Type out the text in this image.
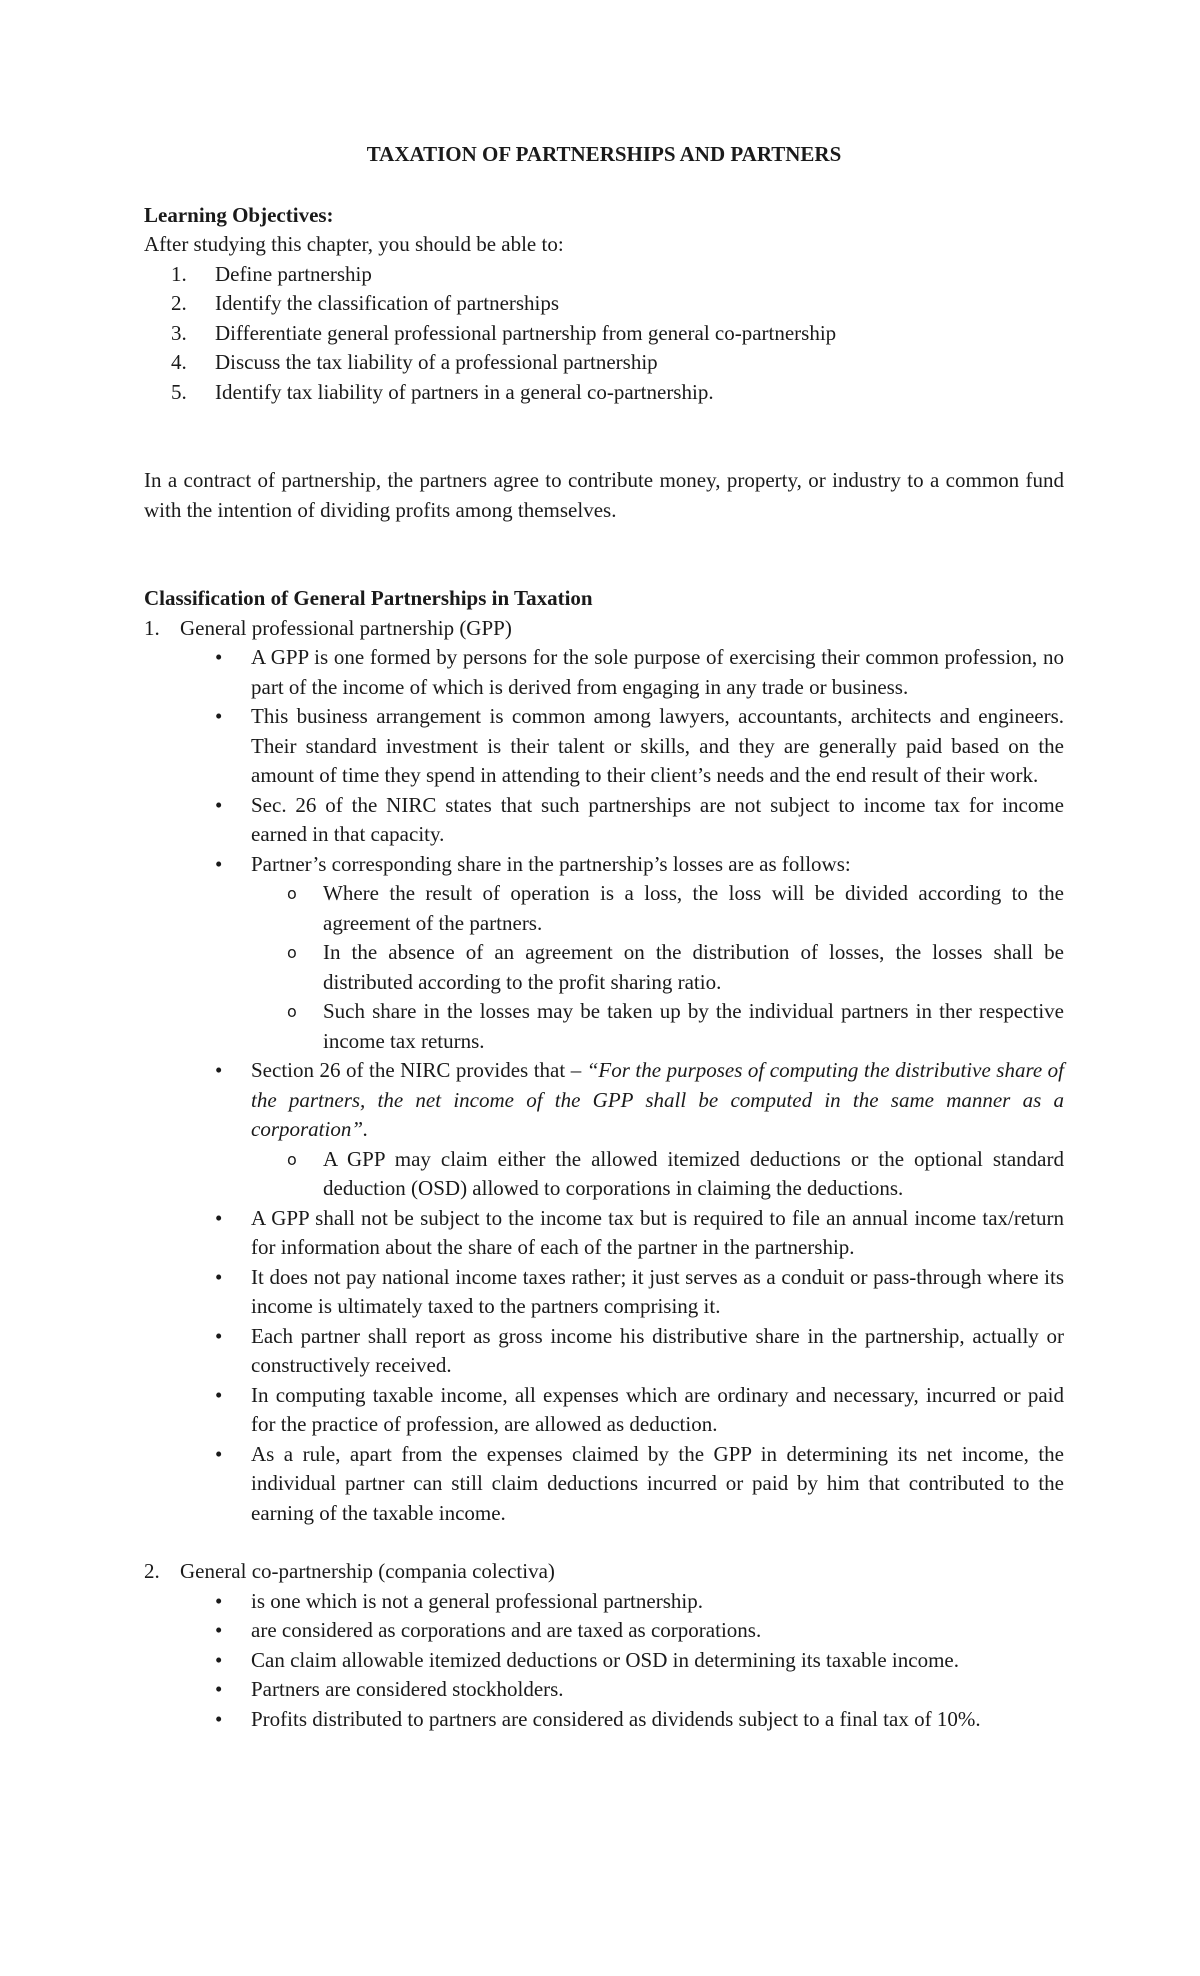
TAXATION OF PARTNERSHIPS AND PARTNERS

Learning Objectives:

After studying this chapter, you should be able to:

1. Define partnership
2. Identify the classification of partnerships
3. Differentiate general professional partnership from general co-partnership
4. Discuss the tax liability of a professional partnership
5. Identify tax liability of partners in a general co-partnership.

In a contract of partnership, the partners agree to contribute money, property, or industry to a common fund with the intention of dividing profits among themselves.

Classification of General Partnerships in Taxation

1. General professional partnership (GPP)

• A GPP is one formed by persons for the sole purpose of exercising their common profession, no part of the income of which is derived from engaging in any trade or business.
• This business arrangement is common among lawyers, accountants, architects and engineers. Their standard investment is their talent or skills, and they are generally paid based on the amount of time they spend in attending to their client’s needs and the end result of their work.
• Sec. 26 of the NIRC states that such partnerships are not subject to income tax for income earned in that capacity.
• Partner’s corresponding share in the partnership’s losses are as follows:
o Where the result of operation is a loss, the loss will be divided according to the agreement of the partners.
o In the absence of an agreement on the distribution of losses, the losses shall be distributed according to the profit sharing ratio.
o Such share in the losses may be taken up by the individual partners in ther respective income tax returns.
• Section 26 of the NIRC provides that – “For the purposes of computing the distributive share of the partners, the net income of the GPP shall be computed in the same manner as a corporation”.
o A GPP may claim either the allowed itemized deductions or the optional standard deduction (OSD) allowed to corporations in claiming the deductions.
• A GPP shall not be subject to the income tax but is required to file an annual income tax/return for information about the share of each of the partner in the partnership.
• It does not pay national income taxes rather; it just serves as a conduit or pass-through where its income is ultimately taxed to the partners comprising it.
• Each partner shall report as gross income his distributive share in the partnership, actually or constructively received.
• In computing taxable income, all expenses which are ordinary and necessary, incurred or paid for the practice of profession, are allowed as deduction.
• As a rule, apart from the expenses claimed by the GPP in determining its net income, the individual partner can still claim deductions incurred or paid by him that contributed to the earning of the taxable income.

2. General co-partnership (compania colectiva)

• is one which is not a general professional partnership.
• are considered as corporations and are taxed as corporations.
• Can claim allowable itemized deductions or OSD in determining its taxable income.
• Partners are considered stockholders.
• Profits distributed to partners are considered as dividends subject to a final tax of 10%.
